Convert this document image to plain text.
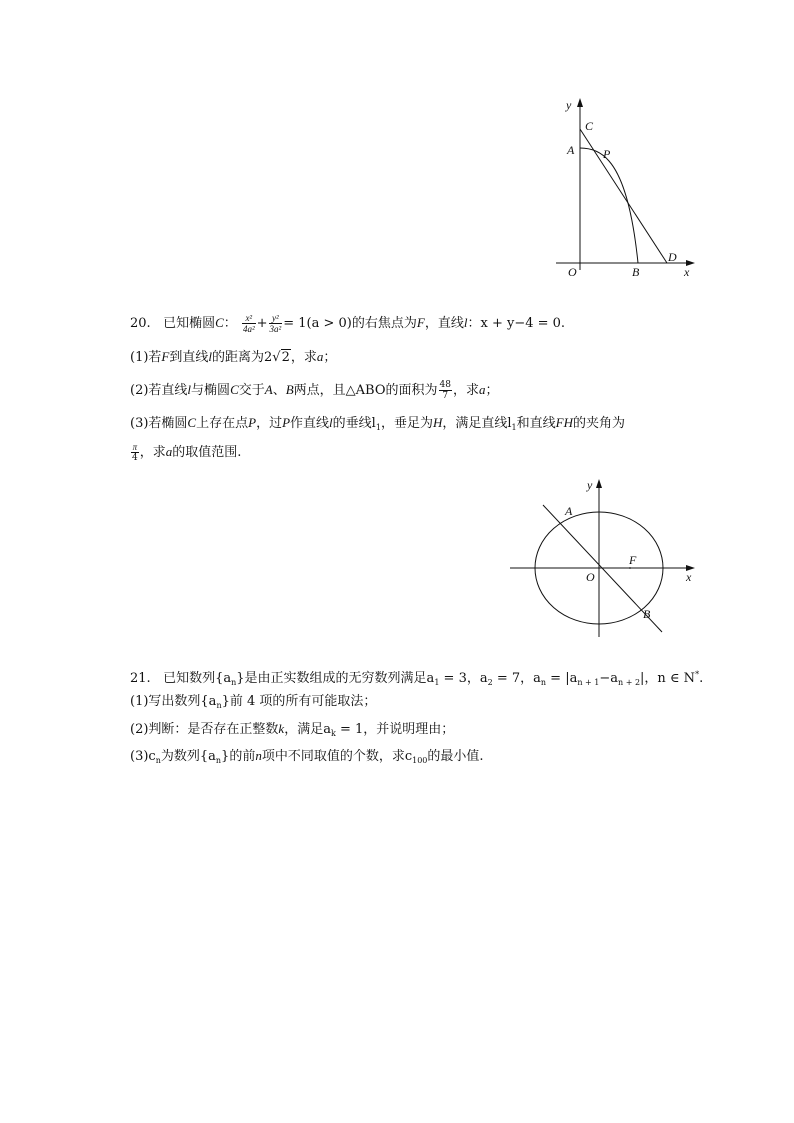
y
C
A P
D
O	B	x
20. 已知椭圆C： $\frac{\text{x²}}{\text{4a²}} + \frac{\text{y²}}{\text{3a²}} = 1(a > 0)$的右焦点为F，直线l：x + y−4 = 0.
(1)若F到直线l的距离为2√2，求a；
(2)若直线l与椭圆C交于A、B两点，且△ABO的面积为 $\frac{48}{7}$ ，求a；
(3)若椭圆C上存在点P，过P作直线l的垂线$l_1$，垂足为H，满足直线$l_1$和直线FH的夹角为
$\frac{\pi}{4}$ ，求a的取值范围.
y
A
F
O	x
B
21. 已知数列$\{a_n\}$是由正实数组成的无穷数列满足$a_1 = 3$，$a_2 = 7$，$a_n = |a_{n + 1}-a_{n + 2}|$，n ∈ N*.
(1)写出数列$\{a_n\}$前 4 项的所有可能取法；
(2)判断：是否存在正整数k，满足$a_k = 1$，并说明理由；
$(3)c_n$为数列$\{a_n\}$的前n项中不同取值的个数，求$c_{100}$的最小值.
